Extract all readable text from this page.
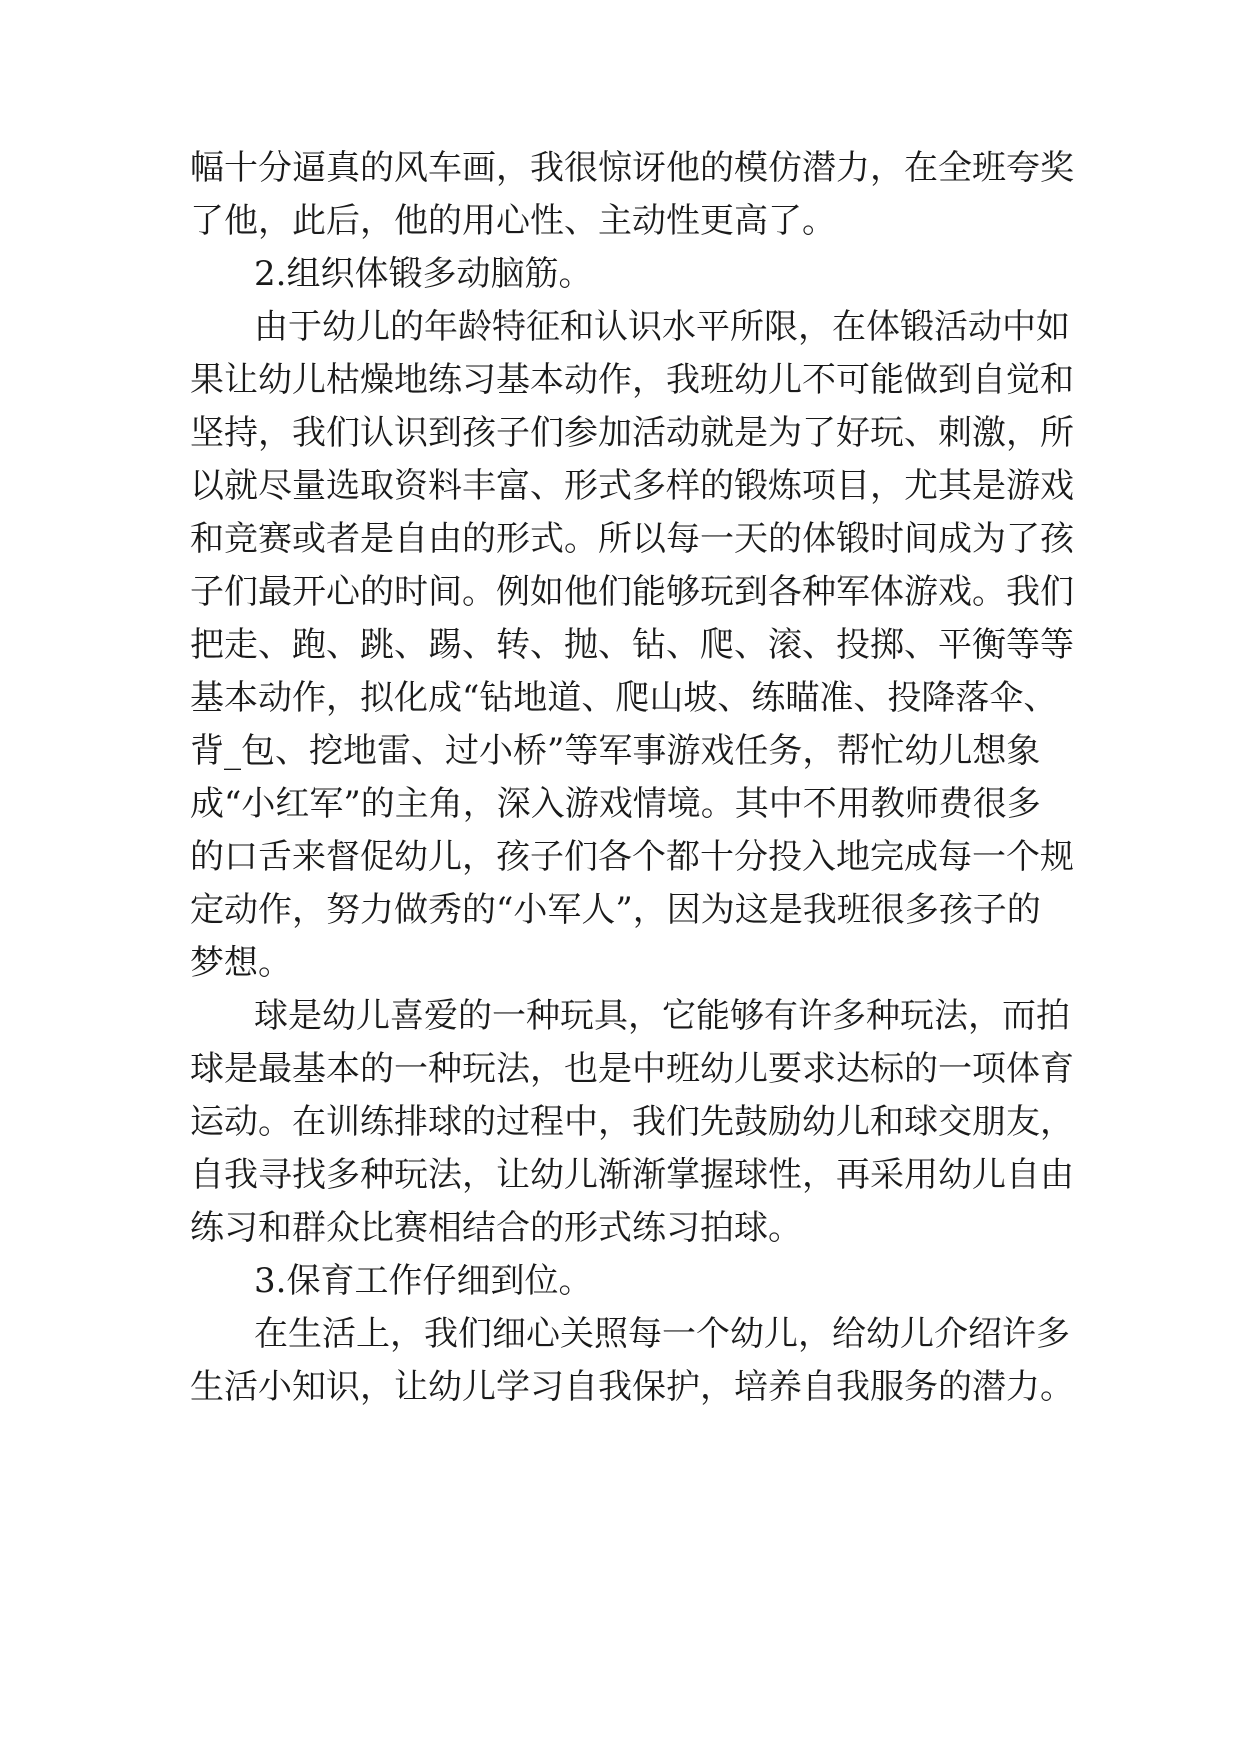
幅十分逼真的风车画，我很惊讶他的模仿潜力，在全班夸奖
了他，此后，他的用心性、主动性更高了。
2.组织体锻多动脑筋。
由于幼儿的年龄特征和认识水平所限，在体锻活动中如
果让幼儿枯燥地练习基本动作，我班幼儿不可能做到自觉和
坚持，我们认识到孩子们参加活动就是为了好玩、刺激，所
以就尽量选取资料丰富、形式多样的锻炼项目，尤其是游戏
和竞赛或者是自由的形式。所以每一天的体锻时间成为了孩
子们最开心的时间。例如他们能够玩到各种军体游戏。我们
把走、跑、跳、踢、转、抛、钻、爬、滚、投掷、平衡等等
基本动作，拟化成“钻地道、爬山坡、练瞄准、投降落伞、
背_包、挖地雷、过小桥”等军事游戏任务，帮忙幼儿想象
成“小红军”的主角，深入游戏情境。其中不用教师费很多
的口舌来督促幼儿，孩子们各个都十分投入地完成每一个规
定动作，努力做秀的“小军人”，因为这是我班很多孩子的
梦想。
球是幼儿喜爱的一种玩具，它能够有许多种玩法，而拍
球是最基本的一种玩法，也是中班幼儿要求达标的一项体育
运动。在训练排球的过程中，我们先鼓励幼儿和球交朋友，
自我寻找多种玩法，让幼儿渐渐掌握球性，再采用幼儿自由
练习和群众比赛相结合的形式练习拍球。
3.保育工作仔细到位。
在生活上，我们细心关照每一个幼儿，给幼儿介绍许多
生活小知识，让幼儿学习自我保护，培养自我服务的潜力。
